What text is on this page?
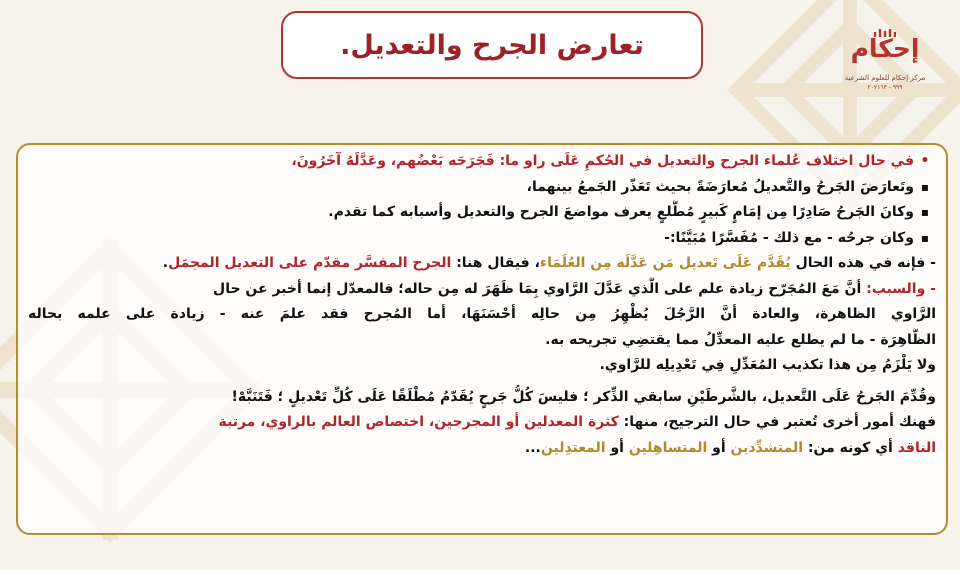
تعارض الجرح والتعديل.	إحكام
مركز إحكام للعلوم الشرعية
٩٩٩ - ٢٠٢١٦٣
•في حال اختلاف عُلماء الجرح والتعديل في الحُكمِ عَلَى راو ما: فَجَرَحَه بَعْضُهم، وعَدَّلَهُ آخَرُونَ،
▪وتَعارَضَ الجَرحُ والتَّعديلُ مُعارَضَةً بحيث تَعَذّر الجَمعُ بينهما،
▪وكانَ الجَرحُ صَادِرًا مِن إمَامٍ كَبيرٍ مُطَّلعٍ يعرف مواضعَ الجرح والتعديل وأسبابه كما تقدم.
▪وكان جرحُه - مع ذلك - مُفَسَّرًا مُبَيَّنًا:-
- فإنه في هذه الحال يُقَدَّم عَلَى تَعديل مَن عَدَّلَه مِن العُلَمَاء، فيقال هنا: الجرح المفسَّر مقدّم على التعديل المجمَل.
- والسبب: أنَّ مَعَ المُجَرّح زيادة علم على الَّذي عَدَّلَ الرَّاوي بِمَا ظَهَرَ له مِن حاله؛ فالمعدّل إنما أخبر عن حال
الرَّاوي الظاهرة، والعادة أنَّ الرَّجُلَ يُظْهِرُ مِن حالِه أحْسَنَهَا، أما المُجرح فقد علمَ عنه - زيادة على علمه بحاله
الظَّاهِرَة - ما لم يطلع عليه المعدِّلُ مما يقتضِي تجريحه به.
ولا يَلْزَمُ مِن هذا تكذيب المُعَدِّلِ فِي تَعْدِيلِه للرَّاوي.
وقُدِّمَ الجَرحُ عَلَى التَّعديل، بالشَّرطَيْنِ سابقي الذِّكر ؛ فليسَ كُلُّ جَرحٍ يُقَدّمُ مُطْلَقًا عَلَى كُلِّ تَعْديلٍ ؛ فَتَنَبَّهْ!
فهنك أمور أخرى تُعتبر في حال الترجيح، منها: كثرة المعدلين أو المجرحين، اختصاص العالم بالراوي، مرتبة
الناقد أي كونه من: المتشدِّدين أو المتساهِلين أو المعتدِلين...
